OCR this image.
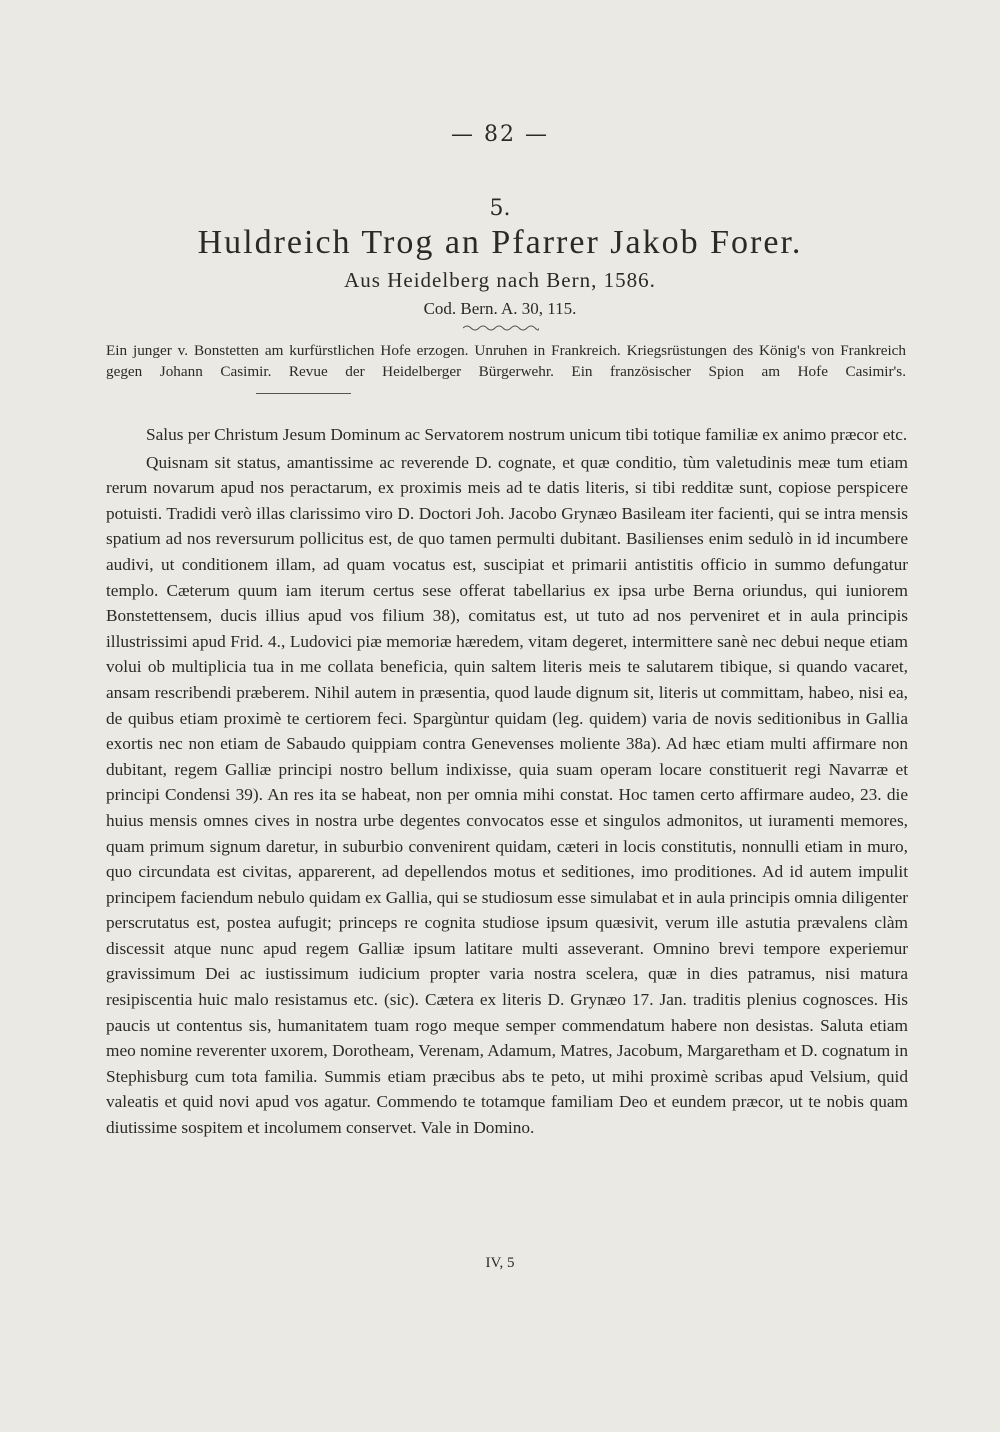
— 82 —
5.
Huldreich Trog an Pfarrer Jakob Forer.
Aus Heidelberg nach Bern, 1586.
Cod. Bern. A. 30, 115.
Ein junger v. Bonstetten am kurfürstlichen Hofe erzogen. Unruhen in Frankreich. Kriegsrüstungen des König's von Frankreich gegen Johann Casimir. Revue der Heidelberger Bürgerwehr. Ein französischer Spion am Hofe Casimir's.

Salus per Christum Jesum Dominum ac Servatorem nostrum unicum tibi totique familiæ ex animo præcor etc.

Quisnam sit status, amantissime ac reverende D. cognate, et quæ conditio, tùm valetudinis meæ tum etiam rerum novarum apud nos peractarum, ex proximis meis ad te datis literis, si tibi redditæ sunt, copiose perspicere potuisti. Tradidi verò illas clarissimo viro D. Doctori Joh. Jacobo Grynæo Basileam iter facienti, qui se intra mensis spatium ad nos reversurum pollicitus est, de quo tamen permulti dubitant. Basilienses enim sedulò in id incumbere audivi, ut conditionem illam, ad quam vocatus est, suscipiat et primarii antistitis officio in summo defungatur templo. Cæterum quum iam iterum certus sese offerat tabellarius ex ipsa urbe Berna oriundus, qui iuniorem Bonstettensem, ducis illius apud vos filium 38), comitatus est, ut tuto ad nos perveniret et in aula principis illustrissimi apud Frid. 4., Ludovici piæ memoriæ hæredem, vitam degeret, intermittere sanè nec debui neque etiam volui ob multiplicia tua in me collata beneficia, quin saltem literis meis te salutarem tibique, si quando vacaret, ansam rescribendi præberem. Nihil autem in præsentia, quod laude dignum sit, literis ut committam, habeo, nisi ea, de quibus etiam proximè te certiorem feci. Spargùntur quidam (leg. quidem) varia de novis seditionibus in Gallia exortis nec non etiam de Sabaudo quippiam contra Genevenses moliente 38a). Ad hæc etiam multi affirmare non dubitant, regem Galliæ principi nostro bellum indixisse, quia suam operam locare constituerit regi Navarræ et principi Condensi 39). An res ita se habeat, non per omnia mihi constat. Hoc tamen certo affirmare audeo, 23. die huius mensis omnes cives in nostra urbe degentes convocatos esse et singulos admonitos, ut iuramenti memores, quam primum signum daretur, in suburbio convenirent quidam, cæteri in locis constitutis, nonnulli etiam in muro, quo circundata est civitas, apparerent, ad depellendos motus et seditiones, imo proditiones. Ad id autem impulit principem faciendum nebulo quidam ex Gallia, qui se studiosum esse simulabat et in aula principis omnia diligenter perscrutatus est, postea aufugit; princeps re cognita studiose ipsum quæsivit, verum ille astutia prævalens clàm discessit atque nunc apud regem Galliæ ipsum latitare multi asseverant. Omnino brevi tempore experiemur gravissimum Dei ac iustissimum iudicium propter varia nostra scelera, quæ in dies patramus, nisi matura resipiscentia huic malo resistamus etc. (sic). Cætera ex literis D. Grynæo 17. Jan. traditis plenius cognosces. His paucis ut contentus sis, humanitatem tuam rogo meque semper commendatum habere non desistas. Saluta etiam meo nomine reverenter uxorem, Dorotheam, Verenam, Adamum, Matres, Jacobum, Margaretham et D. cognatum in Stephisburg cum tota familia. Summis etiam præcibus abs te peto, ut mihi proximè scribas apud Velsium, quid valeatis et quid novi apud vos agatur. Commendo te totamque familiam Deo et eundem præcor, ut te nobis quam diutissime sospitem et incolumem conservet. Vale in Domino.

IV, 5
